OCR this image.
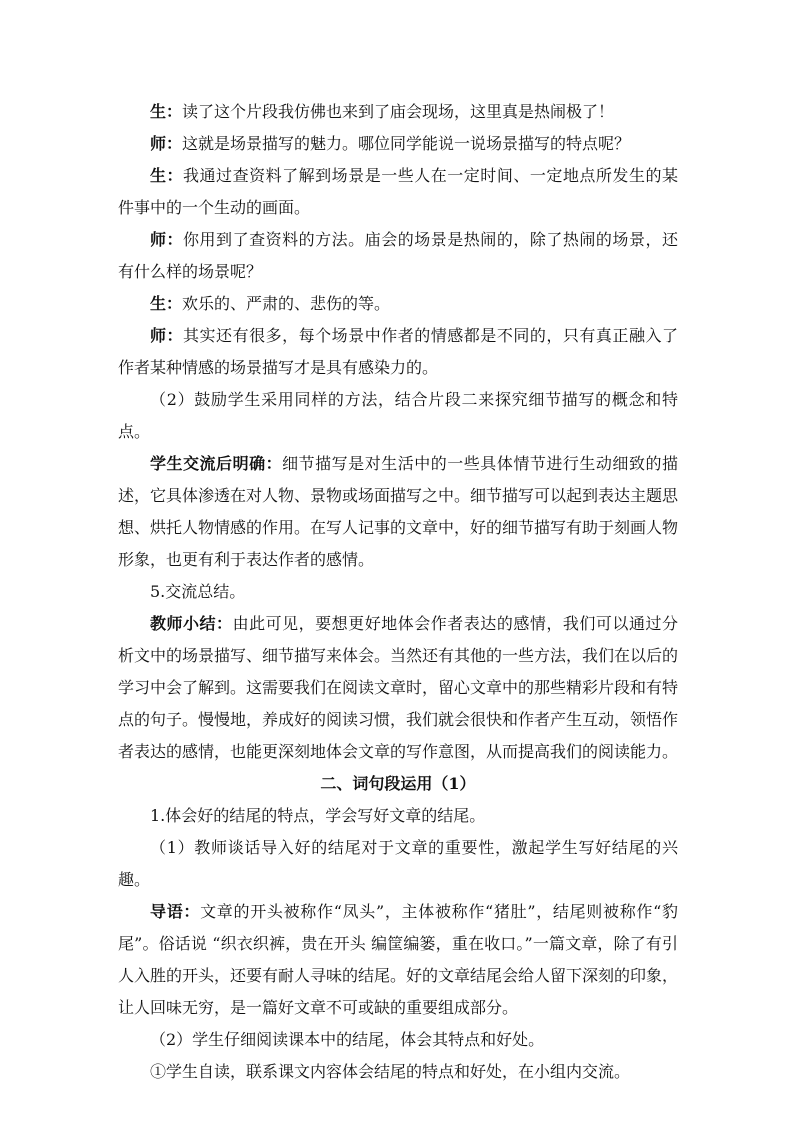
生：读了这个片段我仿佛也来到了庙会现场，这里真是热闹极了！

师：这就是场景描写的魅力。哪位同学能说一说场景描写的特点呢？

生：我通过查资料了解到场景是一些人在一定时间、一定地点所发生的某件事中的一个生动的画面。

师：你用到了查资料的方法。庙会的场景是热闹的，除了热闹的场景，还有什么样的场景呢？

生：欢乐的、严肃的、悲伤的等。

师：其实还有很多，每个场景中作者的情感都是不同的，只有真正融入了作者某种情感的场景描写才是具有感染力的。

（2）鼓励学生采用同样的方法，结合片段二来探究细节描写的概念和特点。

学生交流后明确：细节描写是对生活中的一些具体情节进行生动细致的描述，它具体渗透在对人物、景物或场面描写之中。细节描写可以起到表达主题思想、烘托人物情感的作用。在写人记事的文章中，好的细节描写有助于刻画人物形象，也更有利于表达作者的感情。

5.交流总结。

教师小结：由此可见，要想更好地体会作者表达的感情，我们可以通过分析文中的场景描写、细节描写来体会。当然还有其他的一些方法，我们在以后的学习中会了解到。这需要我们在阅读文章时，留心文章中的那些精彩片段和有特点的句子。慢慢地，养成好的阅读习惯，我们就会很快和作者产生互动，领悟作者表达的感情，也能更深刻地体会文章的写作意图，从而提高我们的阅读能力。

二、词句段运用（1）

1.体会好的结尾的特点，学会写好文章的结尾。

（1）教师谈话导入好的结尾对于文章的重要性，激起学生写好结尾的兴趣。

导语：文章的开头被称作“凤头”，主体被称作“猪肚”，结尾则被称作“豹尾”。俗话说 “织衣织裤，贵在开头 编筐编篓，重在收口。”一篇文章，除了有引人入胜的开头，还要有耐人寻味的结尾。好的文章结尾会给人留下深刻的印象，让人回味无穷，是一篇好文章不可或缺的重要组成部分。

（2）学生仔细阅读课本中的结尾，体会其特点和好处。

①学生自读，联系课文内容体会结尾的特点和好处，在小组内交流。
